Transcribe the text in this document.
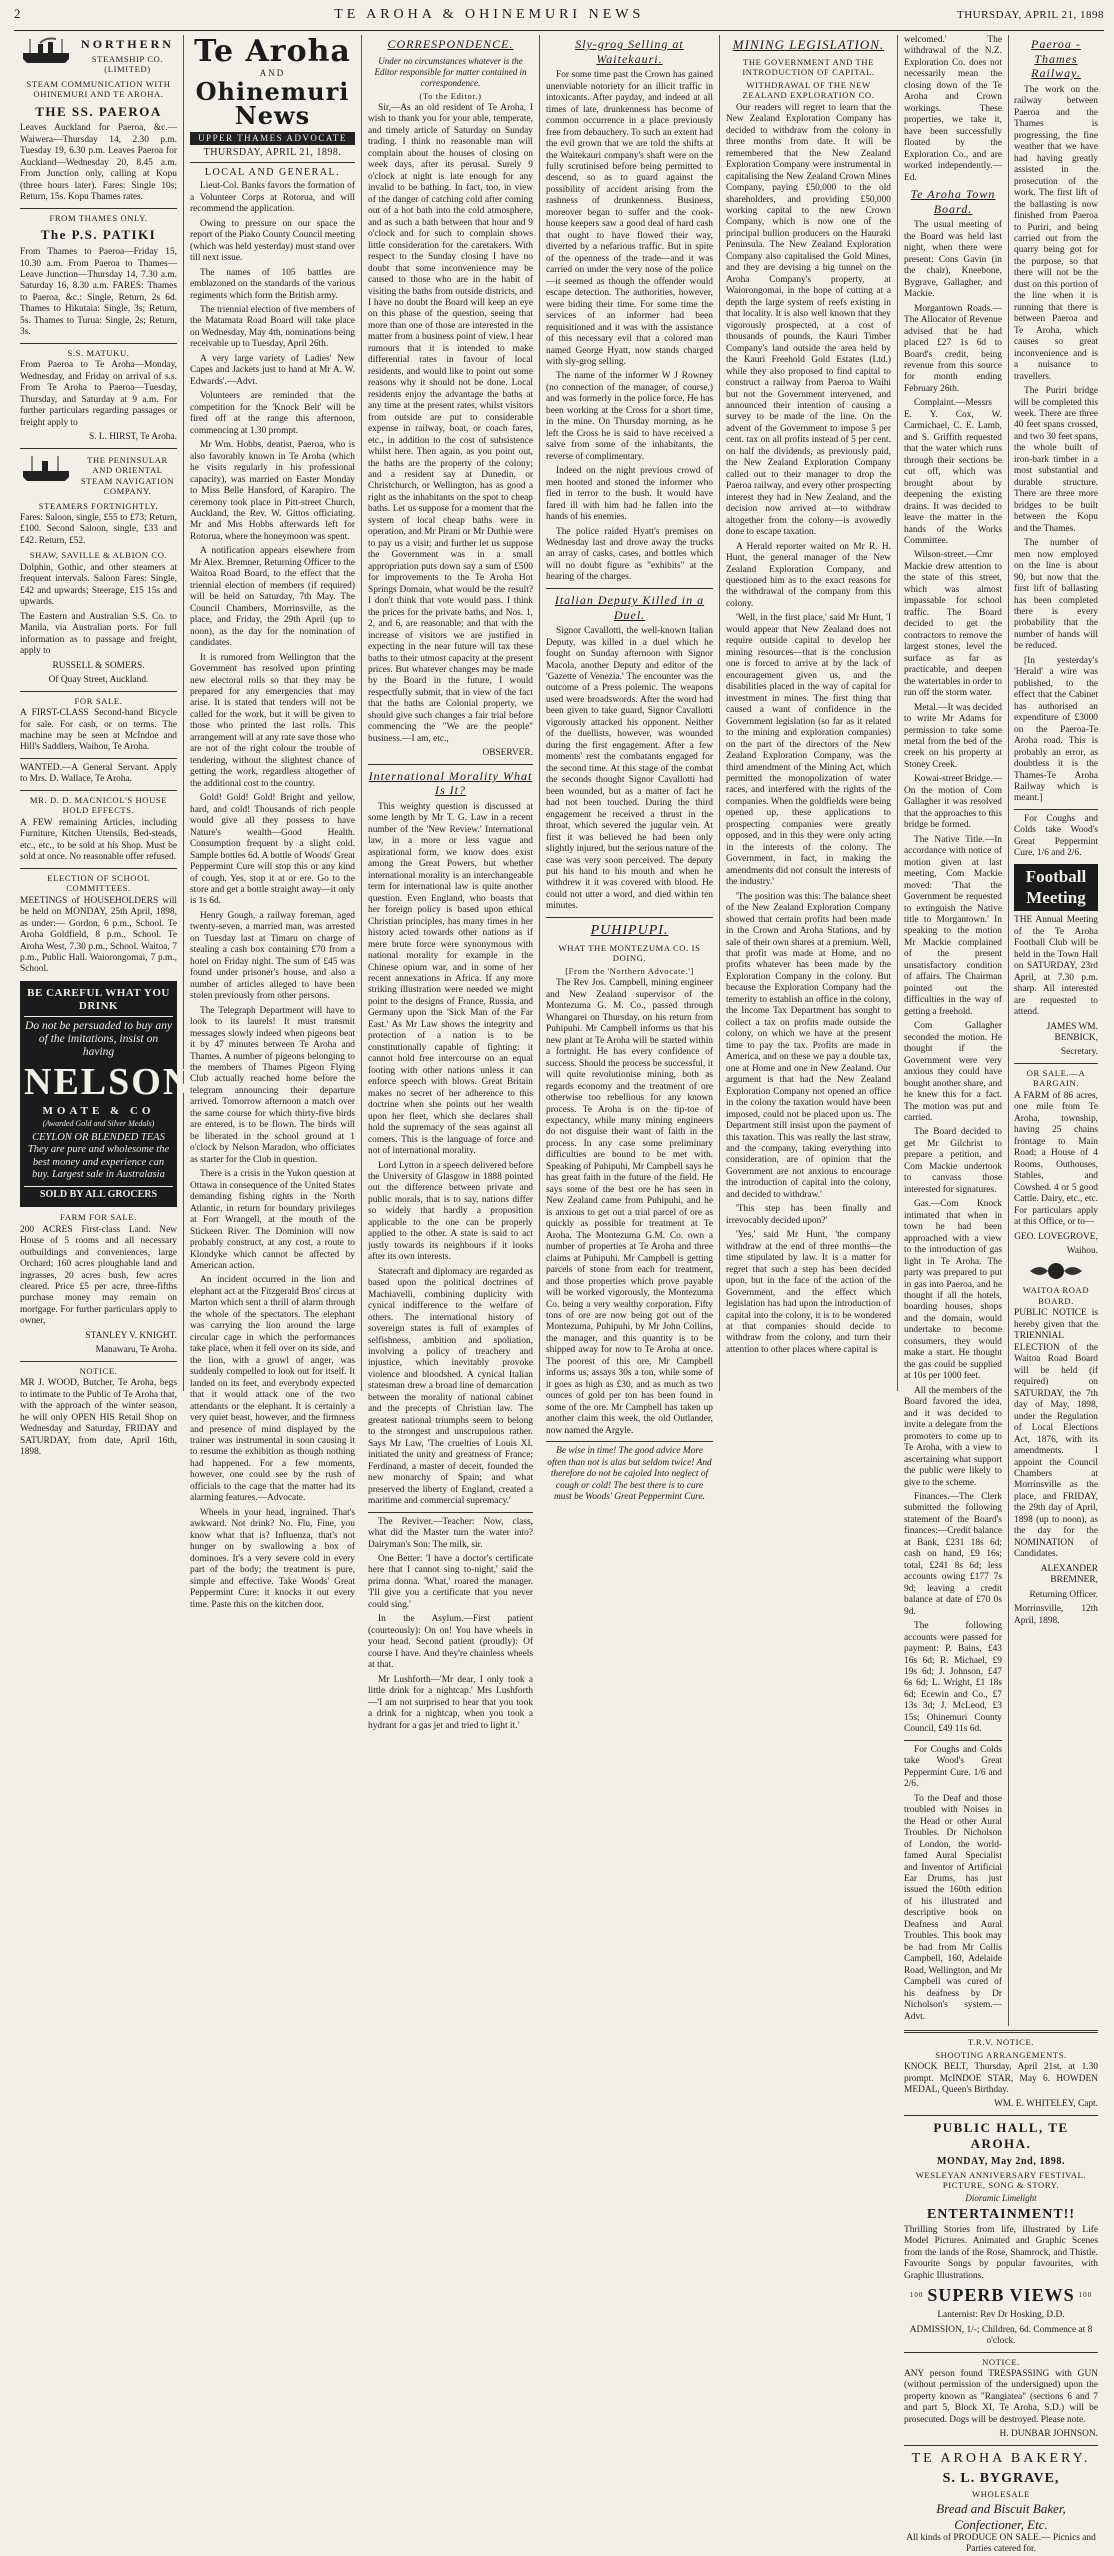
2	TE AROHA & OHINEMURI NEWS	THURSDAY, APRIL 21, 1898
NORTHERN
STEAMSHIP CO. (LIMITED)
STEAM COMMUNICATION WITH OHINEMURI AND TE AROHA.
THE SS. PAEROA

Leaves Auckland for Paeroa, &c.— Waiwera—Thursday 14, 2.30 p.m. Tuesday 19, 6.30 p.m. Leaves Paeroa for Auckland—Wednesday 20, 8.45 a.m. From Junction only, calling at Kopu (three hours later). Fares: Single 10s; Return, 15s. Kopu Thames rates.

FROM THAMES ONLY.
The P.S. PATIKI

From Thames to Paeroa—Friday 15, 10.30 a.m. From Paeroa to Thames—Leave Junction—Thursday 14, 7.30 a.m. Saturday 16, 8.30 a.m. FARES: Thames to Paeroa, &c.: Single, Return, 2s 6d. Thames to Hikutaia: Single, 3s; Return, 5s. Thames to Turua: Single, 2s; Return, 3s.

S.S. MATUKU.

From Paeroa to Te Aroha—Monday, Wednesday, and Friday on arrival of s.s. From Te Aroha to Paeroa—Tuesday, Thursday, and Saturday at 9 a.m. For further particulars regarding passages or freight apply to

S. L. HIRST, Te Aroha.

THE PENINSULAR AND ORIENTAL STEAM NAVIGATION COMPANY.
STEAMERS FORTNIGHTLY.

Fares: Saloon, single, £55 to £73; Return, £100. Second Saloon, single, £33 and £42. Return, £52.

SHAW, SAVILLE & ALBION CO.

Dolphin, Gothic, and other steamers at frequent intervals. Saloon Fares: Single, £42 and upwards; Steerage, £15 15s and upwards.

The Eastern and Australian S.S. Co. to Manila, via Australian ports. For full information as to passage and freight, apply to

RUSSELL & SOMERS.

Of Quay Street, Auckland.

FOR SALE.

A FIRST-CLASS Second-hand Bicycle for sale. For cash, or on terms. The machine may be seen at McIndoe and Hill's Saddlers, Waihou, Te Aroha.

WANTED.—A General Servant. Apply to Mrs. D. Wallace, Te Aroha.

MR. D. D. MACNICOL'S HOUSE HOLD EFFECTS.

A FEW remaining Articles, including Furniture, Kitchen Utensils, Bed-steads, etc., etc., to be sold at his Shop. Must be sold at once. No reasonable offer refused.

ELECTION OF SCHOOL COMMITTEES.

MEETINGS of HOUSEHOLDERS will be held on MONDAY, 25th April, 1898, as under:— Gordon, 6 p.m., School. Te Aroha Goldfield, 8 p.m., School. Te Aroha West, 7.30 p.m., School. Waitoa, 7 p.m., Public Hall. Waiorongomai, 7 p.m., School.

BE CAREFUL WHAT YOU DRINK
Do not be persuaded to buy any of the imitations, insist on having
NELSON
MOATE & CO
(Awarded Gold and Silver Medals)
CEYLON OR BLENDED TEAS They are pure and wholesome the best money and experience can buy. Largest sale in Australasia
SOLD BY ALL GROCERS
FARM FOR SALE.

200 ACRES First-class Land. New House of 5 rooms and all necessary outbuildings and conveniences, large Orchard; 160 acres ploughable land and ingrasses, 20 acres bush, few acres cleared. Price £5 per acre, three-fifths purchase money may remain on mortgage. For further particulars apply to owner,

STANLEY V. KNIGHT.

Manawaru, Te Aroha.

NOTICE.

MR J. WOOD, Butcher, Te Aroha, begs to intimate to the Public of Te Aroha that, with the approach of the winter season, he will only OPEN HIS Retail Shop on Wednesday and Saturday, FRIDAY and SATURDAY, from date, April 16th, 1898.

Te Aroha
AND
Ohinemuri News
UPPER THAMES ADVOCATE
THURSDAY, APRIL 21, 1898.
LOCAL AND GENERAL.

Lieut-Col. Banks favors the formation of a Volunteer Corps at Rotorua, and will recommend the application.

Owing to pressure on our space the report of the Piako County Council meeting (which was held yesterday) must stand over till next issue.

The names of 105 battles are emblazoned on the standards of the various regiments which form the British army.

The triennial election of five members of the Matamata Road Board will take place on Wednesday, May 4th, nominations being receivable up to Tuesday, April 26th.

A very large variety of Ladies' New Capes and Jackets just to hand at Mr A. W. Edwards'.—Advt.

Volunteers are reminded that the competition for the 'Knock Belt' will be fired off at the range this afternoon, commencing at 1.30 prompt.

Mr Wm. Hobbs, dentist, Paeroa, who is also favorably known in Te Aroha (which he visits regularly in his professional capacity), was married on Easter Monday to Miss Belle Hansford, of Karapiro. The ceremony took place in Pitt-street Church, Auckland, the Rev. W. Gittos officiating. Mr and Mrs Hobbs afterwards left for Rotorua, where the honeymoon was spent.

A notification appears elsewhere from Mr Alex. Bremner, Returning Officer to the Waitoa Road Board, to the effect that the triennial election of members (if required) will be held on Saturday, 7th May. The Council Chambers, Morrinsville, as the place, and Friday, the 29th April (up to noon), as the day for the nomination of candidates.

It is rumored from Wellington that the Government has resolved upon printing new electoral rolls so that they may be prepared for any emergencies that may arise. It is stated that tenders will not be called for the work, but it will be given to those who printed the last rolls. This arrangement will at any rate save those who are not of the right colour the trouble of tendering, without the slightest chance of getting the work, regardless altogether of the additional cost to the country.

Gold! Gold! Gold! Bright and yellow, hard, and cold! Thousands of rich people would give all they possess to have Nature's wealth—Good Health. Consumption frequent by a slight cold. Sample bottles 6d. A bottle of Woods' Great Peppermint Cure will stop this or any kind of cough. Yes, stop it at or ere. Go to the store and get a bottle straight away—it only is 1s 6d.

Henry Gough, a railway foreman, aged twenty-seven, a married man, was arrested on Tuesday last at Timaru on charge of stealing a cash box containing £70 from a hotel on Friday night. The sum of £45 was found under prisoner's house, and also a number of articles alleged to have been stolen previously from other persons.

The Telegraph Department will have to look to its laurels! It must transmit messages slowly indeed when pigeons beat it by 47 minutes between Te Aroha and Thames. A number of pigeons belonging to the members of Thames Pigeon Flying Club actually reached home before the telegram announcing their departure arrived. Tomorrow afternoon a match over the same course for which thirty-five birds are entered, is to be flown. The birds will be liberated in the school ground at 1 o'clock by Nelson Maradon, who officiates as starter for the Club in question.

There is a crisis in the Yukon question at Ottawa in consequence of the United States demanding fishing rights in the North Atlantic, in return for boundary privileges at Fort Wrangell, at the mouth of the Stickeen River. The Dominion will now probably construct, at any cost, a route to Klondyke which cannot be affected by American action.

An incident occurred in the lion and elephant act at the Fitzgerald Bros' circus at Marton which sent a thrill of alarm through the whole of the spectators. The elephant was carrying the lion around the large circular cage in which the performances take place, when it fell over on its side, and the lion, with a growl of anger, was suddenly compelled to look out for itself. It landed on its feet, and everybody expected that it would attack one of the two attendants or the elephant. It is certainly a very quiet beast, however, and the firmness and presence of mind displayed by the trainer was instrumental in soon causing it to resume the exhibition as though nothing had happened. For a few moments, however, one could see by the rush of officials to the cage that the matter had its alarming features.—Advocate.

Wheels in your head, ingrained. That's awkward. Not drink? No. Flu, Fine, you know what that is? Influenza, that's not hunger on by swallowing a box of dominoes. It's a very severe cold in every part of the body; the treatment is pure, simple and effective. Take Woods' Great Peppermint Cure: it knocks it out every time. Paste this on the kitchen door.

CORRESPONDENCE.
Under no circumstances whatever is the Editor responsible for matter contained in correspondence.
(To the Editor.)

Sir,—As an old resident of Te Aroha, I wish to thank you for your able, temperate, and timely article of Saturday on Sunday trading. I think no reasonable man will complain about the houses of closing on week days, after its perusal. Surely 9 o'clock at night is late enough for any invalid to be bathing. In fact, too, in view of the danger of catching cold after coming out of a hot bath into the cold atmosphere, and as such a bath between that hour and 9 o'clock and for such to complain shows little consideration for the caretakers. With respect to the Sunday closing I have no doubt that some inconvenience may be caused to those who are in the habit of visiting the baths from outside districts, and I have no doubt the Board will keep an eye on this phase of the question, seeing that more than one of those are interested in the matter from a business point of view. I hear rumours that it is intended to make differential rates in favour of local residents, and would like to point out some reasons why it should not be done. Local residents enjoy the advantage the baths at any time at the present rates, whilst visitors from outside are put to considerable expense in railway, boat, or coach fares, etc., in addition to the cost of subsistence whilst here. Then again, as you point out, the baths are the property of the colony; and a resident say at Dunedin, or Christchurch, or Wellington, has as good a right as the inhabitants on the spot to cheap baths. Let us suppose for a moment that the system of local cheap baths were in operation, and Mr Pirani or Mr Duthie were to pay us a visit; and further let us suppose the Government was in a small appropriation puts down say a sum of £500 for improvements to the Te Aroha Hot Springs Domain, what would be the result? I don't think that vote would pass. I think the prices for the private baths, and Nos. 1, 2, and 6, are reasonable; and that with the increase of visitors we are justified in expecting in the near future will tax these baths to their utmost capacity at the present prices. But whatever changes may be made by the Board in the future, I would respectfully submit, that in view of the fact that the baths are Colonial property, we should give such changes a fair trial before commencing the "We are the people" business.—I am, etc.,

OBSERVER.

International Morality What Is It?

This weighty question is discussed at some length by Mr T. G. Law in a recent number of the 'New Review.' International law, in a more or less vague and aspirational form, we know does exist among the Great Powers, but whether international morality is an interchangeable term for international law is quite another question. Even England, who boasts that her foreign policy is based upon ethical Christian principles, has many times in her history acted towards other nations as if mere brute force were synonymous with national morality for example in the Chinese opium war, and in some of her recent annexations in Africa. If any more striking illustration were needed we might point to the designs of France, Russia, and Germany upon the 'Sick Man of the Far East.' As Mr Law shows the integrity and protection of a nation is to be constitutionally capable of fighting: it cannot hold free intercourse on an equal footing with other nations unless it can enforce speech with blows. Great Britain makes no secret of her adherence to this doctrine when she points out her wealth upon her fleet, which she declares shall hold the supremacy of the seas against all comers. This is the language of force and not of international morality.

Lord Lytton in a speech delivered before the University of Glasgow in 1888 pointed out the difference between private and public morals, that is to say, nations differ so widely that hardly a proposition applicable to the one can be properly applied to the other. A state is said to act justly towards its neighbours if it looks after its own interests.

Statecraft and diplomacy are regarded as based upon the political doctrines of Machiavelli, combining duplicity with cynical indifference to the welfare of others. The international history of sovereign states is full of examples of selfishness, ambition and spoliation, involving a policy of treachery and injustice, which inevitably provoke violence and bloodshed. A cynical Italian statesman drew a broad line of demarcation between the morality of national cabinet and the precepts of Christian law. The greatest national triumphs seem to belong to the strongest and unscrupulous rather. Says Mr Law, 'The cruelties of Louis XI. initiated the unity and greatness of France; Ferdinand, a master of deceit, founded the new monarchy of Spain; and what preserved the liberty of England, created a maritime and commercial supremacy.'

The Reviver.—Teacher: Now, class, what did the Master turn the water into? Dairyman's Son: The milk, sir.

One Better: 'I have a doctor's certificate here that I cannot sing to-night,' said the prima donna. 'What,' roared the manager. 'I'll give you a certificate that you never could sing.'

In the Asylum.—First patient (courteously): On on! You have wheels in your head. Second patient (proudly): Of course I have. And they're chainless wheels at that.

Mr Lushforth—'Mr dear, I only took a little drink for a nightcap.' Mrs Lushforth—'I am not surprised to hear that you took a drink for a nightcap, when you took a hydrant for a gas jet and tried to light it.'

Sly-grog Selling at Waitekauri.

For some time past the Crown has gained unenviable notoriety for an illicit traffic in intoxicants. After payday, and indeed at all times of late, drunkenness has become of common occurrence in a place previously free from debauchery. To such an extent had the evil grown that we are told the shifts at the Waitekauri company's shaft were on the fully scrutinised before being permitted to descend, so as to guard against the possibility of accident arising from the rashness of drunkenness. Business, moreover began to suffer and the cook-house keepers saw a good deal of hard cash that ought to have flowed their way, diverted by a nefarious traffic. But in spite of the openness of the trade—and it was carried on under the very nose of the police—it seemed as though the offender would escape detection. The authorities, however, were biding their time. For some time the services of an informer had been requisitioned and it was with the assistance of this necessary evil that a colored man named George Hyatt, now stands charged with sly-grog selling.

The name of the informer W J Rowney (no connection of the manager, of course,) and was formerly in the police force. He has been working at the Cross for a short time, in the mine. On Thursday morning, as he left the Cross he is said to have received a salve from some of the inhabitants, the reverse of complimentary.

Indeed on the night previous crowd of men hooted and stoned the informer who fled in terror to the bush. It would have fared ill with him had he fallen into the hands of his enemies.

The police raided Hyatt's premises on Wednesday last and drove away the trucks an array of casks, cases, and bottles which will no doubt figure as "exhibits" at the hearing of the charges.

Italian Deputy Killed in a Duel.

Signor Cavallotti, the well-known Italian Deputy, was killed in a duel which he fought on Sunday afternoon with Signor Macola, another Deputy and editor of the 'Gazette of Venezia.' The encounter was the outcome of a Press polemic. The weapons used were broadswords. After the word had been given to take guard, Signor Cavallotti vigorously attacked his opponent. Neither of the duellists, however, was wounded during the first engagement. After a few moments' rest the combatants engaged for the second time. At this stage of the combat the seconds thought Signor Cavallotti had been wounded, but as a matter of fact he had not been touched. During the third engagement he received a thrust in the throat, which severed the jugular vein. At first it was believed he had been only slightly injured, but the serious nature of the case was very soon perceived. The deputy put his hand to his mouth and when he withdrew it it was covered with blood. He could not utter a word, and died within ten minutes.

PUHIPUPI.
WHAT THE MONTEZUMA CO. IS DOING.
[From the 'Northern Advocate.']

The Rev Jos. Campbell, mining engineer and New Zealand supervisor of the Montezuma G. M. Co., passed through Whangarei on Thursday, on his return from Puhipuhi. Mr Campbell informs us that his new plant at Te Aroha will be started within a fortnight. He has every confidence of success. Should the process be successful, it will quite revolutionise mining, both as regards economy and the treatment of ore otherwise too rebellious for any known process. Te Aroha is on the tip-toe of expectancy, while many mining engineers do not disguise their want of faith in the process. In any case some preliminary difficulties are bound to be met with. Speaking of Puhipuhi, Mr Campbell says he has great faith in the future of the field. He says some of the best ore he has seen in New Zealand came from Puhipuhi, and he is anxious to get out a trial parcel of ore as quickly as possible for treatment at Te Aroha. The Montezuma G.M. Co. own a number of properties at Te Aroha and three claims at Puhipuhi. Mr Campbell is getting parcels of stone from each for treatment, and those properties which prove payable will be worked vigorously, the Montezuma Co. being a very wealthy corporation. Fifty tons of ore are now being got out of the Montezuma, Puhipuhi, by Mr John Collins, the manager, and this quantity is to be shipped away for now to Te Aroha at once. The poorest of this ore, Mr Campbell informs us, assays 30s a ton, while some of it goes as high as £30, and as much as two ounces of gold per ton has been found in some of the ore. Mr Campbell has taken up another claim this week, the old Outlander, now named the Argyle.

Be wise in time! The good advice More often than not is alas but seldom twice! And therefore do not be cajoled Into neglect of cough or cold! The best there is to cure must be Woods' Great Peppermint Cure.

MINING LEGISLATION.
THE GOVERNMENT AND THE INTRODUCTION OF CAPITAL.
WITHDRAWAL OF THE NEW ZEALAND EXPLORATION CO.

Our readers will regret to learn that the New Zealand Exploration Company has decided to withdraw from the colony in three months from date. It will be remembered that the New Zealand Exploration Company were instrumental in capitalising the New Zealand Crown Mines Company, paying £50,000 to the old shareholders, and providing £50,000 working capital to the new Crown Company, which is now one of the principal bullion producers on the Hauraki Peninsula. The New Zealand Exploration Company also capitalised the Gold Mines, and they are devising a big tunnel on the Aroha Company's property, at Waiorongomai, in the hope of cutting at a depth the large system of reefs existing in that locality. It is also well known that they vigorously prospected, at a cost of thousands of pounds, the Kauri Timber Company's land outside the area held by the Kauri Freehold Gold Estates (Ltd.) while they also proposed to find capital to construct a railway from Paeroa to Waihi but not the Government intervened, and announced their intention of causing a survey to be made of the line. On the advent of the Government to impose 5 per cent. tax on all profits instead of 5 per cent. on half the dividends, as previously paid, the New Zealand Exploration Company called out to their manager to drop the Paeroa railway, and every other prospecting interest they had in New Zealand, and the decision now arrived at—to withdraw altogether from the colony—is avowedly done to escape taxation.

A Herald reporter waited on Mr R. H. Hunt, the general manager of the New Zealand Exploration Company, and questioned him as to the exact reasons for the withdrawal of the company from this colony.

'Well, in the first place,' said Mr Hunt, 'I would appear that New Zealand does not require outside capital to develop her mining resources—that is the conclusion one is forced to arrive at by the lack of encouragement given us, and the disabilities placed in the way of capital for investment in mines. The first thing that caused a want of confidence in the Government legislation (so far as it related to the mining and exploration companies) on the part of the directors of the New Zealand Exploration Company, was the third amendment of the Mining Act, which permitted the monopolization of water races, and interfered with the rights of the companies. When the goldfields were being opened up, these applications to prospecting companies were greatly opposed, and in this they were only acting in the interests of the colony. The Government, in fact, in making the amendments did not consult the interests of the industry.'

'The position was this: The balance sheet of the New Zealand Exploration Company showed that certain profits had been made in the Crown and Aroha Stations, and by sale of their own shares at a premium. Well, that profit was made at Home, and no profits whatever has been made by the Exploration Company in the colony. But because the Exploration Company had the temerity to establish an office in the colony, the Income Tax Department has sought to collect a tax on profits made outside the colony, on which we have at the present time to pay the tax. Profits are made in America, and on these we pay a double tax, one at Home and one in New Zealand. Our argument is that had the New Zealand Exploration Company not opened an office in the colony the taxation would have been imposed, could not be placed upon us. The Department still insist upon the payment of this taxation. This was really the last straw, and the company, taking everything into consideration, are of opinion that the Government are not anxious to encourage the introduction of capital into the colony, and decided to withdraw.'

'This step has been finally and irrevocably decided upon?'

'Yes,' said Mr Hunt, 'the company withdraw at the end of three months—the time stipulated by law. It is a matter for regret that such a step has been decided upon, but in the face of the action of the Government, and the effect which legislation has had upon the introduction of capital into the colony, it is to be wondered at that companies should decide to withdraw from the colony, and turn their attention to other places where capital is

welcomed.' The withdrawal of the N.Z. Exploration Co. does not necessarily mean the closing down of the Te Aroha and Crown workings. These properties, we take it, have been successfully floated by the Exploration Co., and are worked independently.—Ed.

Te Aroha Town Board.

The usual meeting of the Board was held last night, when there were present: Cons Gavin (in the chair), Kneebone, Bygrave, Gallagher, and Mackie.

Morgantown Roads.—The Allocator of Revenue advised that he had placed £27 1s 6d to Board's credit, being revenue from this source for month ending February 26th.

Complaint.—Messrs E. Y. Cox, W. Carmichael, C. E. Lamb, and S. Griffith requested that the water which runs through their sections be cut off, which was brought about by deepening the existing drains. It was decided to leave the matter in the hands of the Works Committee.

Wilson-street.—Cmr Mackie drew attention to the state of this street, which was almost impassable for school traffic. The Board decided to get the contractors to remove the largest stones, level the surface as far as practicable, and deepen the watertables in order to run off the storm water.

Metal.—It was decided to write Mr Adams for permission to take some metal from the bed of the creek on his property at Stoney Creek.

Kowai-street Bridge.—On the motion of Com Gallagher it was resolved that the approaches to this bridge be formed.

The Native Title.—In accordance with notice of motion given at last meeting, Com Mackie moved: 'That the Government be requested to extinguish the Native title to Morgantown.' In speaking to the motion Mr Mackie complained of the present unsatisfactory condition of affairs. The Chairman pointed out the difficulties in the way of getting a freehold.

Com Gallagher seconded the motion. He thought if the Government were very anxious they could have bought another share, and he knew this for a fact. The motion was put and carried.

The Board decided to get Mr Gilchrist to prepare a petition, and Com Mackie undertook to canvass those interested for signatures.

Gas.—Com Knock intimated that when in town he had been approached with a view to the introduction of gas light in Te Aroha. The party was prepared to put in gas into Paeroa, and he thought if all the hotels, boarding houses, shops and the domain, would undertake to become consumers, they would make a start. He thought the gas could be supplied at 10s per 1000 feet.

All the members of the Board favored the idea, and it was decided to invite a delegate from the promoters to come up to Te Aroha, with a view to ascertaining what support the public were likely to give to the scheme.

Finances.—The Clerk submitted the following statement of the Board's finances:—Credit balance at Bank, £231 18s 6d; cash on hand, £9 16s; total, £241 8s 6d; less accounts owing £177 7s 9d; leaving a credit balance at date of £70 0s 9d.

The following accounts were passed for payment: P. Bains, £43 16s 6d; R. Michael, £9 19s 6d; J. Johnson, £47 6s 6d; L. Wright, £1 18s 6d; Ecewin and Co., £7 13s 3d; J. McLeod, £3 15s; Ohinemuri County Council, £49 11s 6d.

For Coughs and Colds take Wood's Great Peppermint Cure. 1/6 and 2/6.

To the Deaf and those troubled with Noises in the Head or other Aural Troubles. Dr Nicholson of London, the world-famed Aural Specialist and Inventor of Artificial Ear Drums, has just issued the 160th edition of his illustrated and descriptive book on Deafness and Aural Troubles. This book may be had from Mr Collis Campbell, 160, Adelaide Road, Wellington, and Mr Campbell was cured of his deafness by Dr Nicholson's system.—Advt.

Paeroa - Thames Railway.

The work on the railway between Paeroa and the Thames is progressing, the fine weather that we have had having greatly assisted in the prosecution of the work. The first lift of the ballasting is now finished from Paeroa to Puriri, and being carried out from the quarry being got for the purpose, so that there will not be the dust on this portion of the line when it is running that there is between Paeroa and Te Aroha, which causes so great inconvenience and is a nuisance to travellers.

The Puriri bridge will be completed this week. There are three 40 feet spans crossed, and two 30 feet spans, the whole built of iron-bark timber in a most substantial and durable structure. There are three more bridges to be built between the Kopu and the Thames.

The number of men now employed on the line is about 90, but now that the first lift of ballasting has been completed there is every probability that the number of hands will be reduced.

[In yesterday's 'Herald' a wire was published, to the effect that the Cabinet has authorised an expenditure of £3000 on the Paeroa-Te Aroha road. This is probably an error, as doubtless it is the Thames-Te Aroha Railway which is meant.]

For Coughs and Colds take Wood's Great Peppermint Cure. 1/6 and 2/6.

Football Meeting

THE Annual Meeting of the Te Aroha Football Club will be held in the Town Hall on SATURDAY, 23rd April, at 7.30 p.m. sharp. All interested are requested to attend.

JAMES WM. BENBICK,

Secretary.

OR SALE.—A BARGAIN.

A FARM of 86 acres, one mile from Te Aroha, township, having 25 chains frontage to Main Road; a House of 4 Rooms, Outhouses, Stables, and Cowshed. 4 or 5 good Cattle. Dairy, etc., etc. For particulars apply at this Office, or to—

GEO. LOVEGROVE,

Waihou.

WAITOA ROAD BOARD.

PUBLIC NOTICE is hereby given that the TRIENNIAL ELECTION of the Waitoa Road Board will be held (if required) on SATURDAY, the 7th day of May, 1898, under the Regulation of Local Elections Act, 1876, with its amendments. I appoint the Council Chambers at Morrinsville as the place, and FRIDAY, the 29th day of April, 1898 (up to noon), as the day for the NOMINATION of Candidates.

ALEXANDER BREMNER,

Returning Officer.

Morrinsville, 12th April, 1898.

T.R.V. NOTICE.
SHOOTING ARRANGEMENTS.

KNOCK BELT, Thursday, April 21st, at 1.30 prompt. McINDOE STAR, May 6. HOWDEN MEDAL, Queen's Birthday.

WM. E. WHITELEY, Capt.

PUBLIC HALL, TE AROHA.
MONDAY, May 2nd, 1898.
WESLEYAN ANNIVERSARY FESTIVAL. PICTURE, SONG & STORY.
Dioramic Limelight
ENTERTAINMENT!!

Thrilling Stories from life, illustrated by Life Model Pictures. Animated and Graphic Scenes from the lands of the Rose, Shamrock, and Thistle. Favourite Songs by popular favourites, with Graphic Illustrations.

100 SUPERB VIEWS 100

Lanternist: Rev Dr Hosking, D.D.

ADMISSION, 1/-; Children, 6d. Commence at 8 o'clock.

NOTICE.

ANY person found TRESPASSING with GUN (without permission of the undersigned) upon the property known as "Rangiatea" (sections 6 and 7 and part 5, Block XI, Te Aroha, S.D.) will be prosecuted. Dogs will be destroyed. Please note.

H. DUNBAR JOHNSON.

TE AROHA BAKERY.
S. L. BYGRAVE,
WHOLESALE
Bread and Biscuit Baker, Confectioner, Etc.

All kinds of PRODUCE ON SALE.— Picnics and Parties catered for.
